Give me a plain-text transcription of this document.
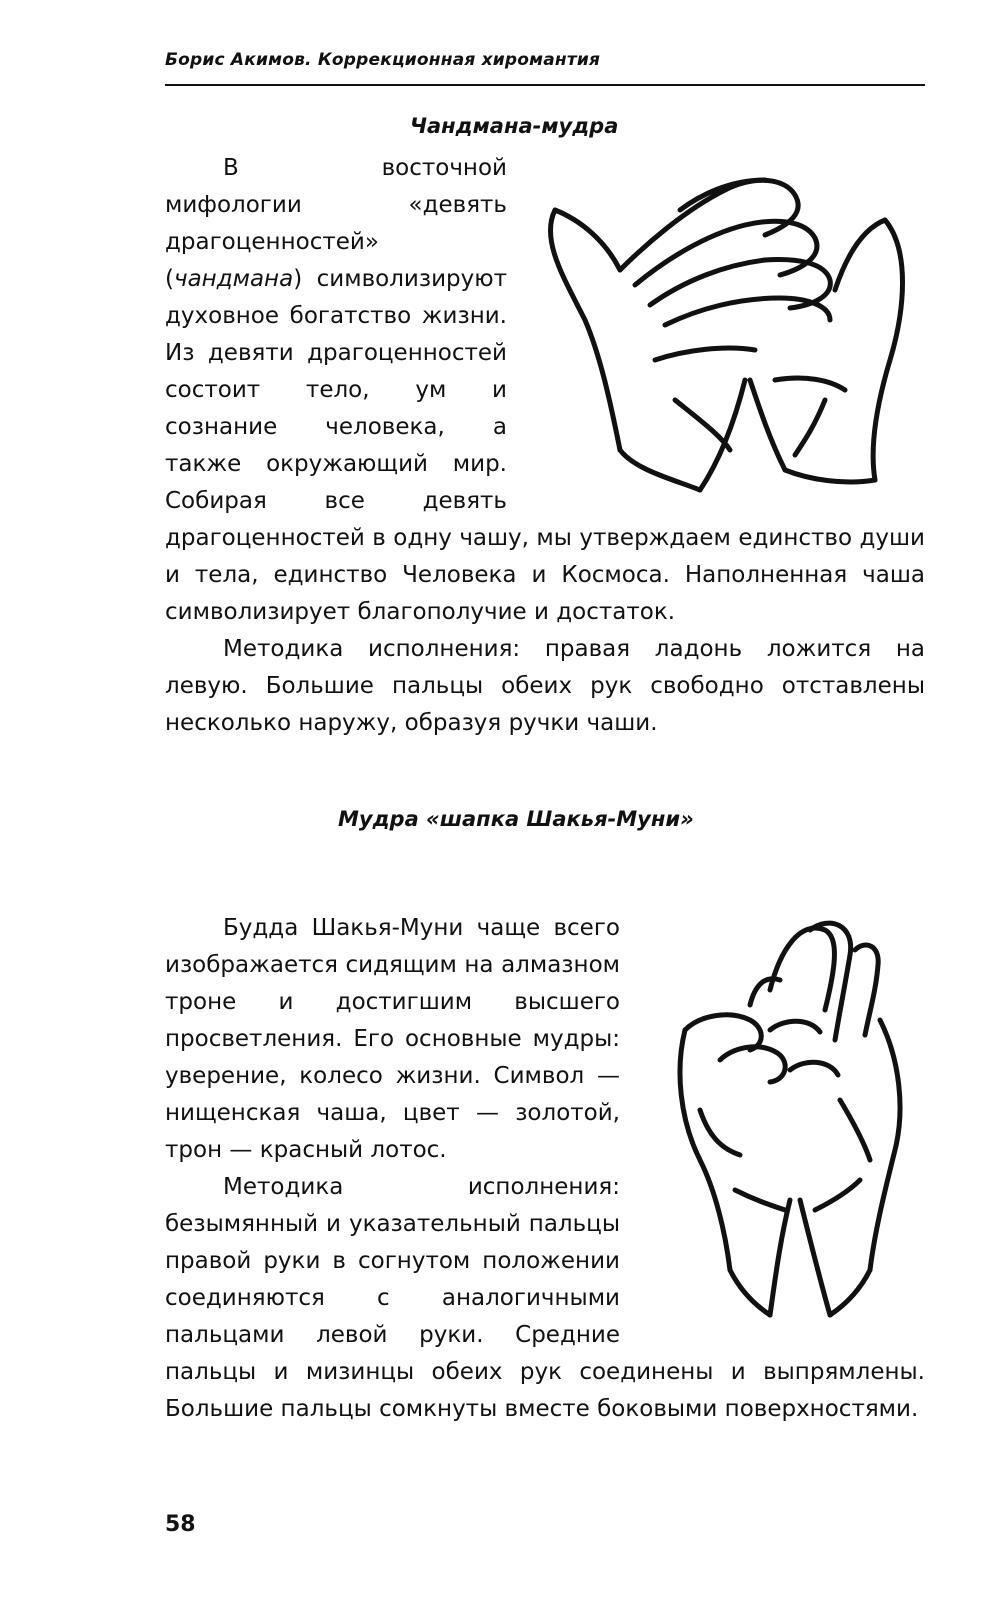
Борис Акимов. Коррекционная хиромантия
Чандмана-мудра

В восточной мифологии «девять драгоценностей» (чандмана) символизируют духовное богатство жизни. Из девяти драгоценностей состоит тело, ум и сознание человека, а также окружающий мир. Собирая все девять драгоценностей в одну чашу, мы утверждаем единство души и тела, единство Человека и Космоса. Наполненная чаша символизирует благополучие и достаток.

Методика исполнения: правая ладонь ложится на левую. Большие пальцы обеих рук свободно отставлены несколько наружу, образуя ручки чаши.

Мудра «шапка Шакья-Муни»

Будда Шакья-Муни чаще всего изображается сидящим на алмазном троне и достигшим высшего просветления. Его основные мудры: уверение, колесо жизни. Символ — нищенская чаша, цвет — золотой, трон — красный лотос.

Методика исполнения: безымянный и указательный пальцы правой руки в согнутом положении соединяются с аналогичными пальцами левой руки. Средние пальцы и мизинцы обеих рук соединены и выпрямлены. Большие пальцы сомкнуты вместе боковыми поверхностями.

58
